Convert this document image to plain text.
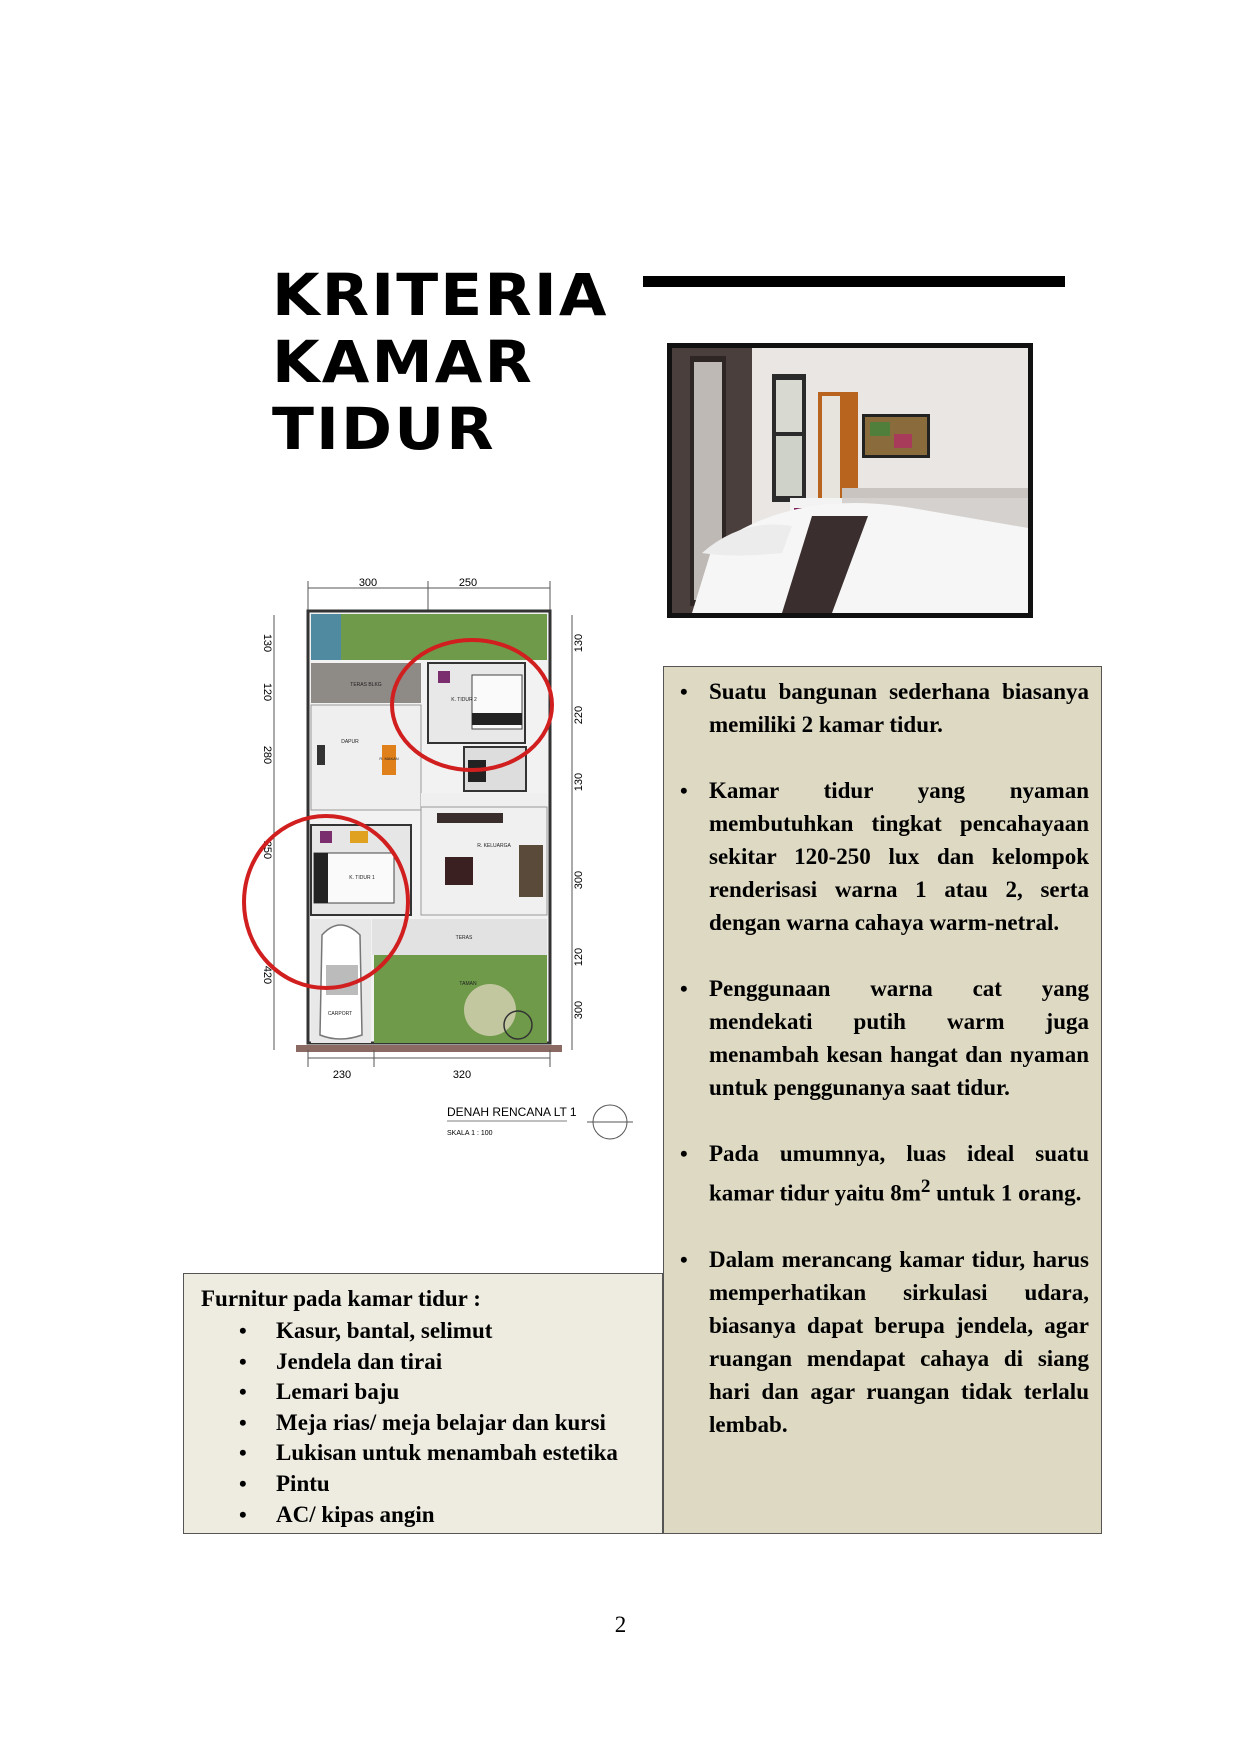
KRITERIA
KAMAR
TIDUR
300	250
130
120
280
250
420
130
220
130
300
120
300
TERAS BLKG
DAPUR
R. MAKAN
K. TIDUR 2
R. KELUARGA
K. TIDUR 1
TERAS
CARPORT
TAMAN
230	320
DENAH RENCANA LT 1
SKALA 1 : 100
• Suatu bangunan sederhana biasanya memiliki 2 kamar tidur.
• Kamar tidur yang nyaman membutuhkan tingkat pencahayaan sekitar 120-250 lux dan kelompok renderisasi warna 1 atau 2, serta dengan warna cahaya warm-netral.
• Penggunaan warna cat yang mendekati putih warm juga menambah kesan hangat dan nyaman untuk penggunanya saat tidur.
• Pada umumnya, luas ideal suatu kamar tidur yaitu $8m^2$ untuk 1 orang.
• Dalam merancang kamar tidur, harus memperhatikan sirkulasi udara, biasanya dapat berupa jendela, agar ruangan mendapat cahaya di siang hari dan agar ruangan tidak terlalu lembab.

Furnitur pada kamar tidur :

• Kasur, bantal, selimut
• Jendela dan tirai
• Lemari baju
• Meja rias/ meja belajar dan kursi
• Lukisan untuk menambah estetika
• Pintu
• AC/ kipas angin
2
